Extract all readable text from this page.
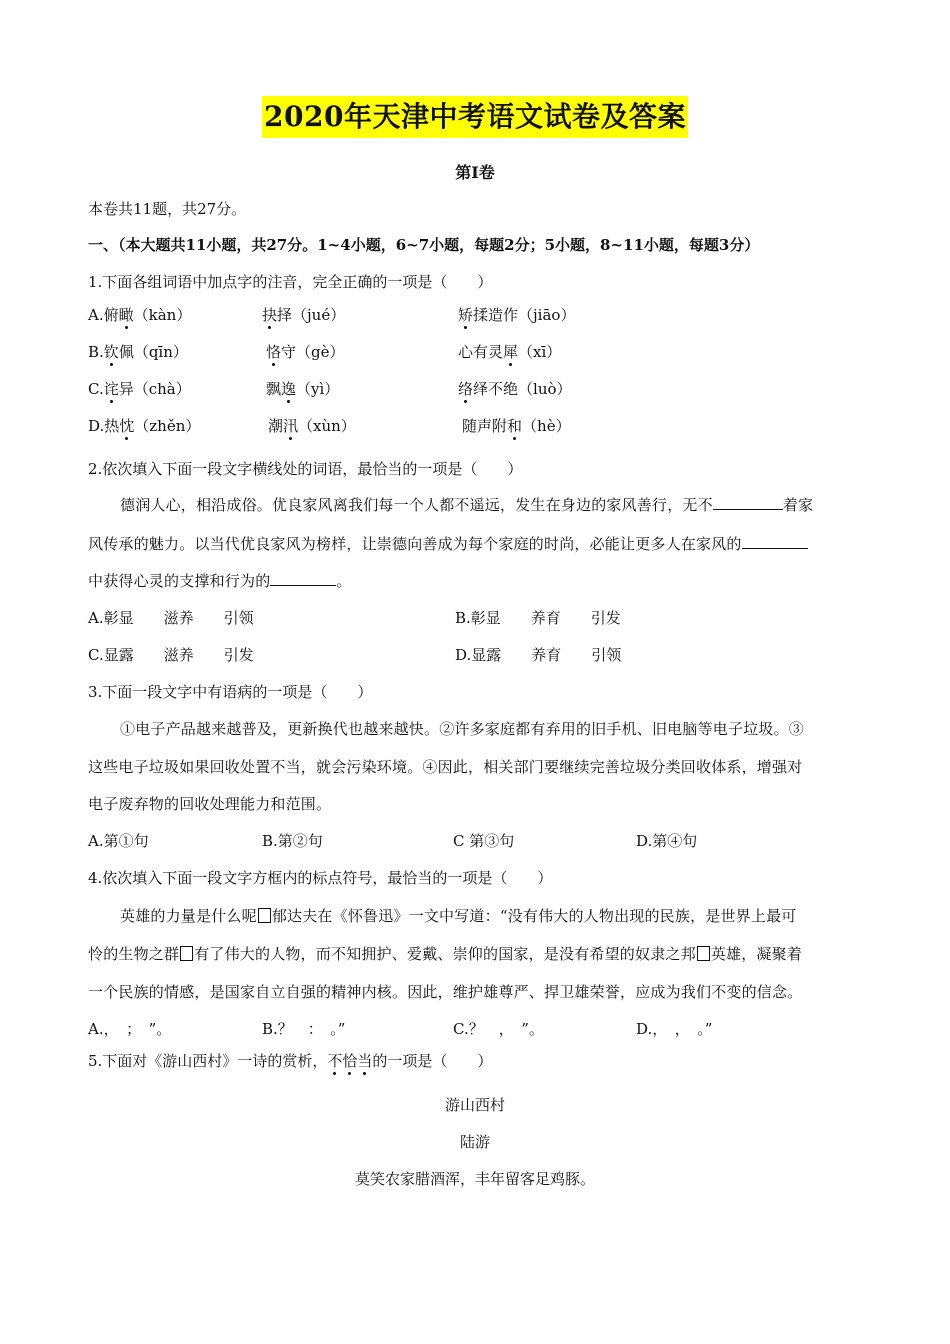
2020年天津中考语文试卷及答案
第Ⅰ卷
本卷共11题，共27分。
一、（本大题共11小题，共27分。1~4小题，6~7小题，每题2分；5小题，8~11小题，每题3分）
1.下面各组词语中加点字的注音，完全正确的一项是（　　）
A.俯瞰（kàn）	抉择（jué）	矫揉造作（jiāo）
B.钦佩（qīn）	恪守（gè）	心有灵犀（xī）
C.诧异（chà）	飘逸（yì）	络绎不绝（luò）
D.热忱（zhěn）	潮汛（xùn）	随声附和（hè）
2.依次填入下面一段文字横线处的词语，最恰当的一项是（　　）
德润人心，相沿成俗。优良家风离我们每一个人都不遥远，发生在身边的家风善行，无不	着家
风传承的魅力。以当代优良家风为榜样，让崇德向善成为每个家庭的时尚，必能让更多人在家风的
中获得心灵的支撑和行为的	。
A.彰显　　滋养　　引领	B.彰显　　养育　　引发
C.显露　　滋养　　引发	D.显露　　养育　　引领
3.下面一段文字中有语病的一项是（　　）
①电子产品越来越普及，更新换代也越来越快。②许多家庭都有弃用的旧手机、旧电脑等电子垃圾。③
这些电子垃圾如果回收处置不当，就会污染环境。④因此，相关部门要继续完善垃圾分类回收体系，增强对
电子废弃物的回收处理能力和范围。
A.第①句	B.第②句	C 第③句	D.第④句
4.依次填入下面一段文字方框内的标点符号，最恰当的一项是（　　）
英雄的力量是什么呢 郁达夫在《怀鲁迅》一文中写道：“没有伟大的人物出现的民族，是世界上最可
怜的生物之群 有了伟大的人物，而不知拥护、爱戴、崇仰的国家，是没有希望的奴隶之邦 英雄，凝聚着
一个民族的情感，是国家自立自强的精神内核。因此，维护雄尊严、捍卫雄荣誉，应成为我们不变的信念。
A.，　；　”。	B.？　：　。”	C.？　，　”。	D.，　，　。”
5.下面对《游山西村》一诗的赏析，不恰当的一项是（　　）
游山西村
陆游
莫笑农家腊酒浑，丰年留客足鸡豚。
